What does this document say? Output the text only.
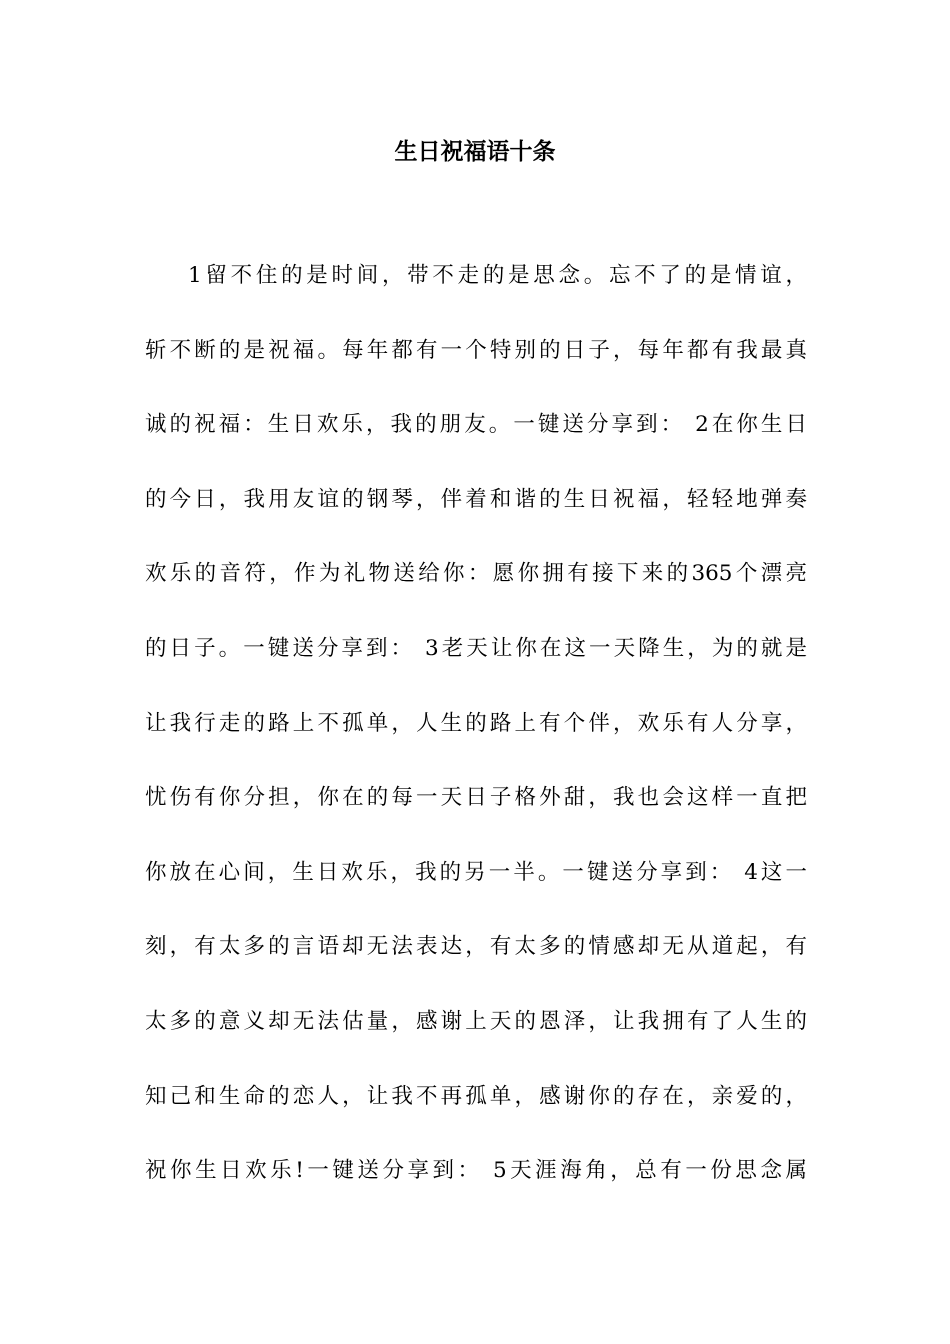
生日祝福语十条
1留不住的是时间，带不走的是思念。忘不了的是情谊，
斩不断的是祝福。每年都有一个特别的日子，每年都有我最真
诚的祝福：生日欢乐，我的朋友。一键送分享到： 2在你生日
的今日，我用友谊的钢琴，伴着和谐的生日祝福，轻轻地弹奏
欢乐的音符，作为礼物送给你：愿你拥有接下来的365个漂亮
的日子。一键送分享到： 3老天让你在这一天降生，为的就是
让我行走的路上不孤单，人生的路上有个伴，欢乐有人分享，
忧伤有你分担，你在的每一天日子格外甜，我也会这样一直把
你放在心间，生日欢乐，我的另一半。一键送分享到： 4这一
刻，有太多的言语却无法表达，有太多的情感却无从道起，有
太多的意义却无法估量，感谢上天的恩泽，让我拥有了人生的
知己和生命的恋人，让我不再孤单，感谢你的存在，亲爱的，
祝你生日欢乐!一键送分享到： 5天涯海角，总有一份思念属
